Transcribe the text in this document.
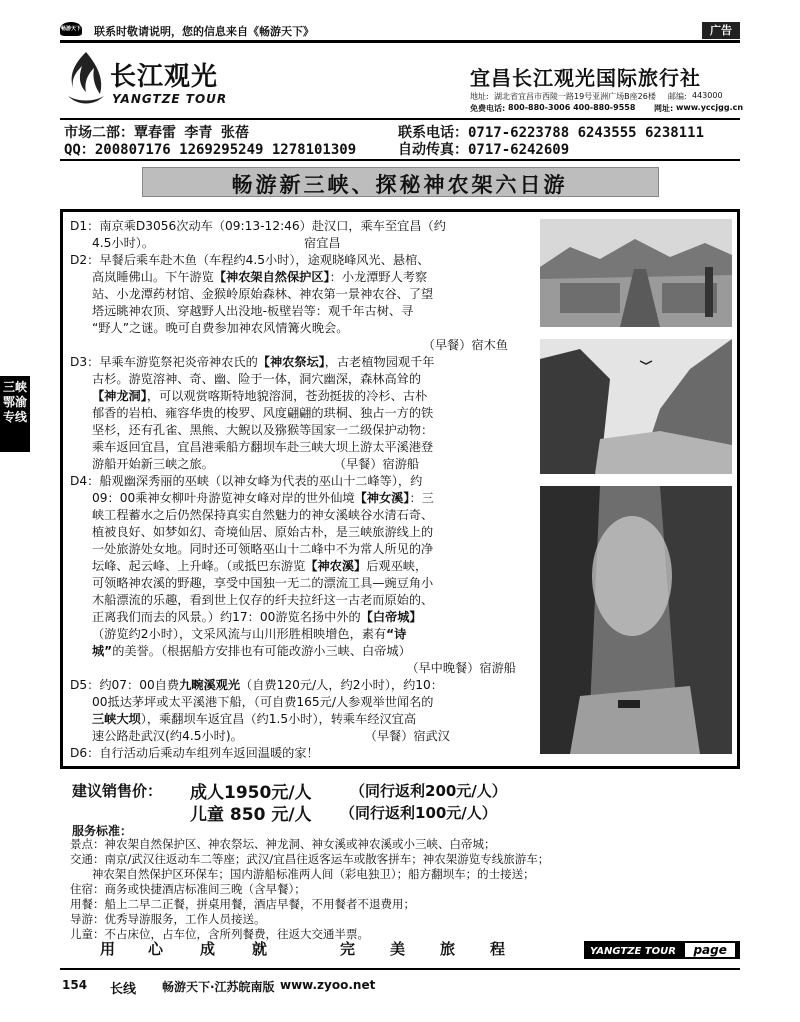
畅游天下 联系时敬请说明，您的信息来自《畅游天下》	广告
长江观光
YANGTZE TOUR
宜昌长江观光国际旅行社
地址: 湖北省宜昌市西陵一路19号亚洲广场B座26楼 邮编: 443000
免费电话: 800-880-3006 400-880-9558 网址: www.yccjgg.cn
市场二部：覃春雷 李青 张蓓	联系电话：0717-6223788 6243555 6238111
QQ：200807176 1269295249 1278101309	自动传真：0717-6242609
畅游新三峡、探秘神农架六日游
三峡
鄂渝
专线

D1：南京乘D3056次动车（09:13-12:46）赴汉口，乘车至宜昌（约

4.5小时）。	宿宜昌

D2：早餐后乘车赴木鱼（车程约4.5小时），途观晓峰风光、悬棺、

高岚睡佛山。下午游览【神农架自然保护区】：小龙潭野人考察

站、小龙潭药材馆、金猴岭原始森林、神农第一景神农谷、了望

塔远眺神农顶、穿越野人出没地-板壁岩等：观千年古树、寻

“野人”之谜。晚可自费参加神农风情篝火晚会。

（早餐）宿木鱼

D3：早乘车游览祭祀炎帝神农氏的【神农祭坛】，古老植物园观千年

古杉。游览溶神、奇、幽、险于一体，洞穴幽深，森林高耸的

【神龙洞】，可以观赏喀斯特地貌溶洞，苍劲挺拔的冷杉、古朴

郁香的岩柏、雍容华贵的梭罗、风度翩翩的珙桐、独占一方的铁

坚杉，还有孔雀、黑熊、大鲵以及猕猴等国家一二级保护动物：

乘车返回宜昌，宜昌港乘船方翻坝车赴三峡大坝上游太平溪港登

游船开始新三峡之旅。	（早餐）宿游船

D4：船观幽深秀丽的巫峡（以神女峰为代表的巫山十二峰等），约

09：00乘神女柳叶舟游览神女峰对岸的世外仙境【神女溪】：三

峡工程蓄水之后仍然保持真实自然魅力的神女溪峡谷水清石奇、

植被良好、如梦如幻、奇境仙居、原始古朴，是三峡旅游线上的

一处旅游处女地。同时还可领略巫山十二峰中不为常人所见的净

坛峰、起云峰、上升峰。（或抵巴东游览【神农溪】后观巫峡，

可领略神农溪的野趣，享受中国独一无二的漂流工具—豌豆角小

木船漂流的乐趣，看到世上仅存的纤夫拉纤这一古老而原始的、

正离我们而去的风景。）约17：00游览名扬中外的【白帝城】

（游览约2小时），文采风流与山川形胜相映增色，素有“诗

城”的美誉。（根据船方安排也有可能改游小三峡、白帝城）

（早中晚餐）宿游船

D5：约07：00自费九畹溪观光（自费120元/人，约2小时），约10：

00抵达茅坪或太平溪港下船，（可自费165元/人参观举世闻名的

三峡大坝），乘翻坝车返宜昌（约1.5小时），转乘车经汉宜高

速公路赴武汉(约4.5小时)。	（早餐）宿武汉

D6：自行活动后乘动车组列车返回温暖的家！

建议销售价： 成人1950元/人	（同行返利200元/人）
儿童 850 元/人 （同行返利100元/人）
服务标准：
景点：神农架自然保护区、神农祭坛、神龙洞、神女溪或神农溪或小三峡、白帝城；
交通：南京/武汉往返动车二等座；武汉/宜昌往返客运车或散客拼车；神农架游览专线旅游车；
神农架自然保护区环保车；国内游船标准两人间（彩电独卫）；船方翻坝车；的士接送；
住宿：商务或快捷酒店标准间三晚（含早餐）；
用餐：船上二早二正餐，拼桌用餐，酒店早餐，不用餐者不退费用；
导游：优秀导游服务，工作人员接送。
儿童：不占床位，占车位，含所列餐费，往返大交通半票。
用 心 成 就	完 美 旅 程	YANGTZE TOUR page
154 长线 畅游天下·江苏皖南版 www.zyoo.net
